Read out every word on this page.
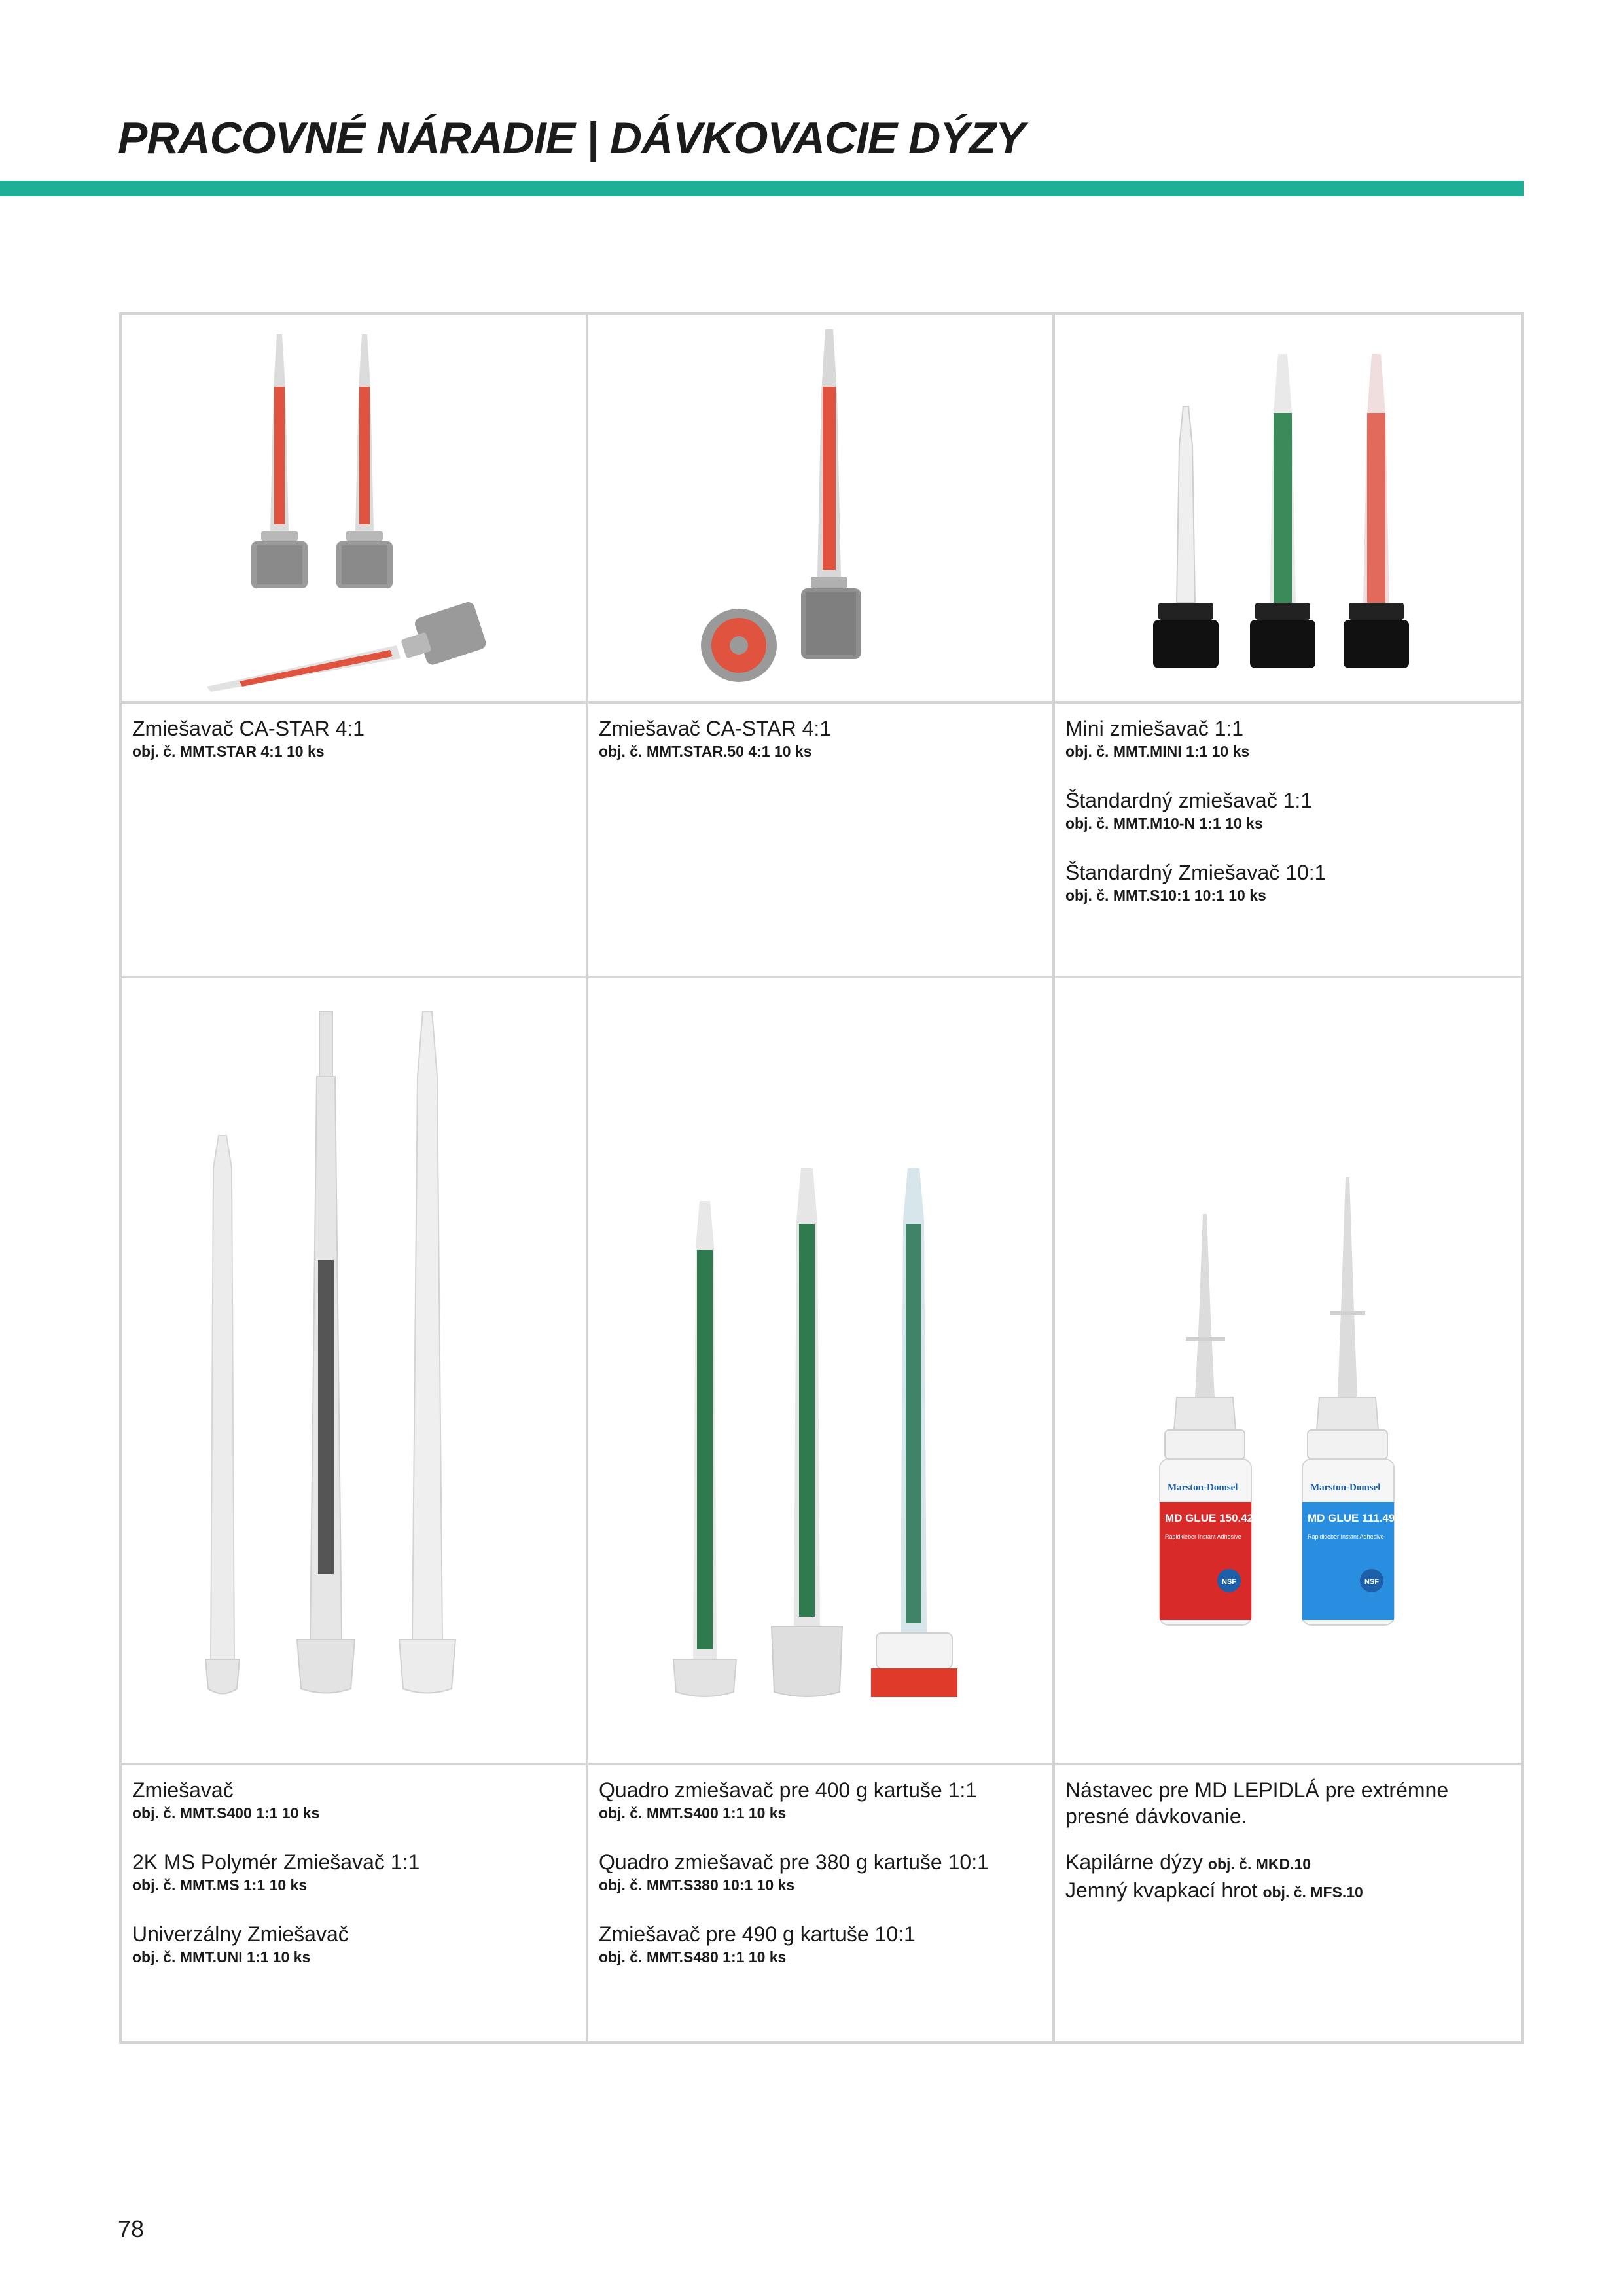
PRACOVNÉ NÁRADIE | DÁVKOVACIE DÝZY
Zmiešavač CA-STAR 4:1
obj. č. MMT.STAR 4:1 10 ks
Zmiešavač CA-STAR 4:1
obj. č. MMT.STAR.50 4:1 10 ks
Mini zmiešavač 1:1
obj. č. MMT.MINI 1:1 10 ks
Štandardný zmiešavač 1:1
obj. č. MMT.M10-N 1:1 10 ks
Štandardný Zmiešavač 10:1
obj. č. MMT.S10:1 10:1 10 ks
Marston-Domsel
MD GLUE 150.424
Rapidkleber Instant Adhesive
NSF
Marston-Domsel
MD GLUE 111.495
Rapidkleber Instant Adhesive
NSF
Zmiešavač
obj. č. MMT.S400 1:1 10 ks
2K MS Polymér Zmiešavač 1:1
obj. č. MMT.MS 1:1 10 ks
Univerzálny Zmiešavač
obj. č. MMT.UNI 1:1 10 ks
Quadro zmiešavač pre 400 g kartuše 1:1
obj. č. MMT.S400 1:1 10 ks
Quadro zmiešavač pre 380 g kartuše 10:1
obj. č. MMT.S380 10:1 10 ks
Zmiešavač pre 490 g kartuše 10:1
obj. č. MMT.S480 1:1 10 ks
Nástavec pre MD LEPIDLÁ pre extrémne
presné dávkovanie.
Kapilárne dýzy obj. č. MKD.10
Jemný kvapkací hrot obj. č. MFS.10
78
